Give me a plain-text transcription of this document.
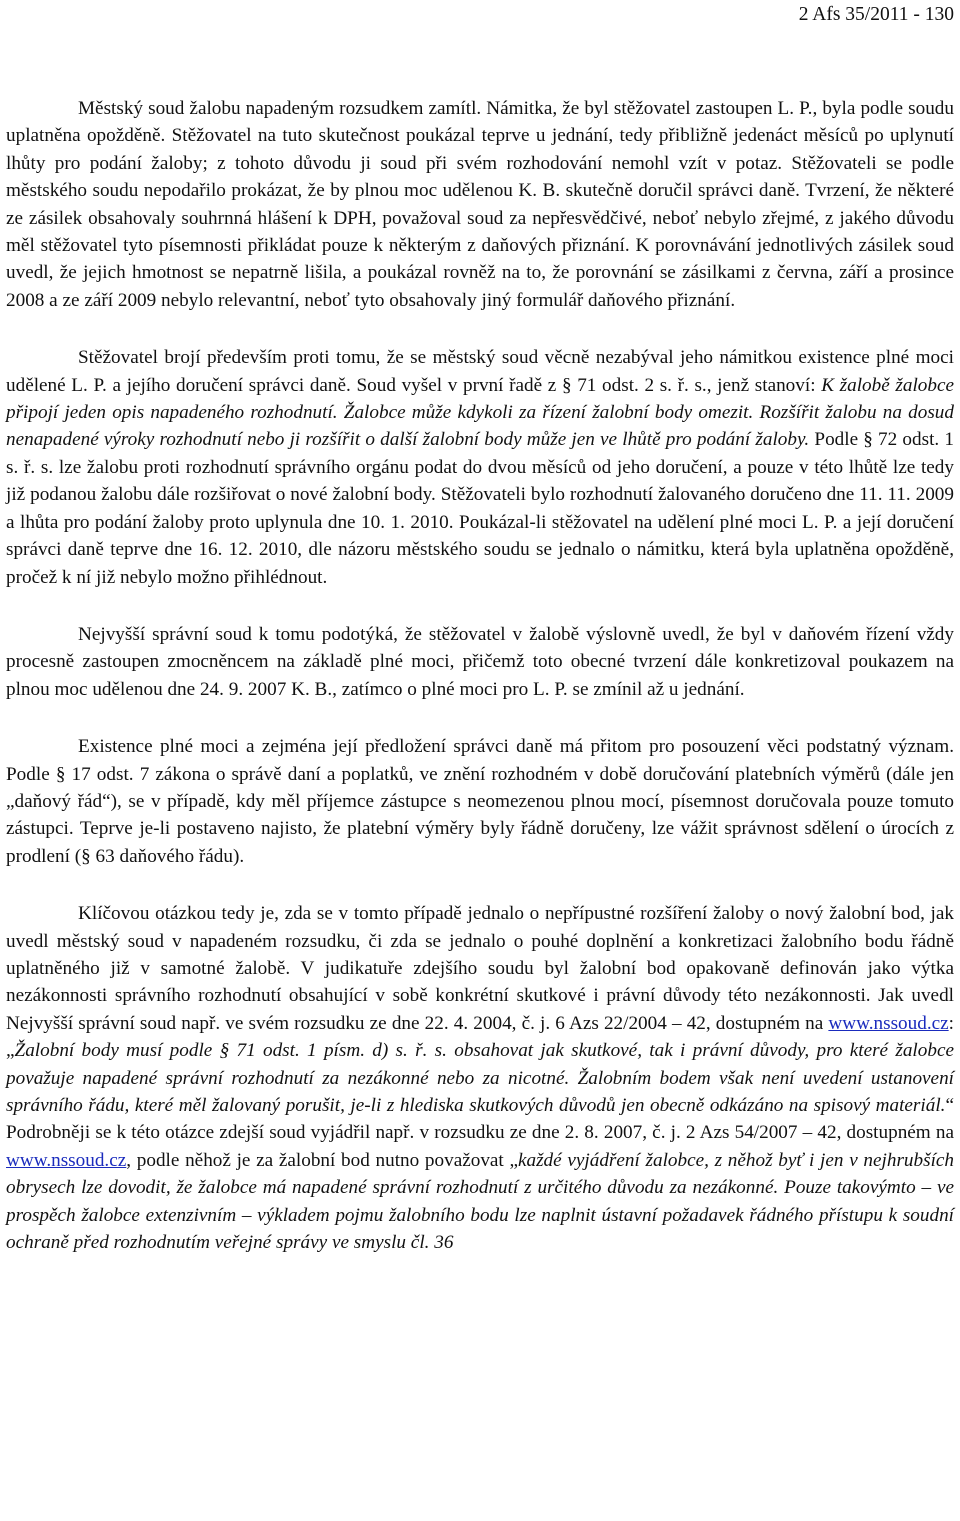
2 Afs 35/2011 - 130

Městský soud žalobu napadeným rozsudkem zamítl. Námitka, že byl stěžovatel zastoupen L. P., byla podle soudu uplatněna opožděně. Stěžovatel na tuto skutečnost poukázal teprve u jednání, tedy přibližně jedenáct měsíců po uplynutí lhůty pro podání žaloby; z tohoto důvodu ji soud při svém rozhodování nemohl vzít v potaz. Stěžovateli se podle městského soudu nepodařilo prokázat, že by plnou moc udělenou K. B. skutečně doručil správci daně. Tvrzení, že některé ze zásilek obsahovaly souhrnná hlášení k DPH, považoval soud za nepřesvědčivé, neboť nebylo zřejmé, z jakého důvodu měl stěžovatel tyto písemnosti přikládat pouze k některým z daňových přiznání. K porovnávání jednotlivých zásilek soud uvedl, že jejich hmotnost se nepatrně lišila, a poukázal rovněž na to, že porovnání se zásilkami z června, září a prosince 2008 a ze září 2009 nebylo relevantní, neboť tyto obsahovaly jiný formulář daňového přiznání.

Stěžovatel brojí především proti tomu, že se městský soud věcně nezabýval jeho námitkou existence plné moci udělené L. P. a jejího doručení správci daně. Soud vyšel v první řadě z § 71 odst. 2 s. ř. s., jenž stanoví: K žalobě žalobce připojí jeden opis napadeného rozhodnutí. Žalobce může kdykoli za řízení žalobní body omezit. Rozšířit žalobu na dosud nenapadené výroky rozhodnutí nebo ji rozšířit o další žalobní body může jen ve lhůtě pro podání žaloby. Podle § 72 odst. 1 s. ř. s. lze žalobu proti rozhodnutí správního orgánu podat do dvou měsíců od jeho doručení, a pouze v této lhůtě lze tedy již podanou žalobu dále rozšiřovat o nové žalobní body. Stěžovateli bylo rozhodnutí žalovaného doručeno dne 11. 11. 2009 a lhůta pro podání žaloby proto uplynula dne 10. 1. 2010. Poukázal-li stěžovatel na udělení plné moci L. P. a její doručení správci daně teprve dne 16. 12. 2010, dle názoru městského soudu se jednalo o námitku, která byla uplatněna opožděně, pročež k ní již nebylo možno přihlédnout.

Nejvyšší správní soud k tomu podotýká, že stěžovatel v žalobě výslovně uvedl, že byl v daňovém řízení vždy procesně zastoupen zmocněncem na základě plné moci, přičemž toto obecné tvrzení dále konkretizoval poukazem na plnou moc udělenou dne 24. 9. 2007 K. B., zatímco o plné moci pro L. P. se zmínil až u jednání.

Existence plné moci a zejména její předložení správci daně má přitom pro posouzení věci podstatný význam. Podle § 17 odst. 7 zákona o správě daní a poplatků, ve znění rozhodném v době doručování platebních výměrů (dále jen „daňový řád“), se v případě, kdy měl příjemce zástupce s neomezenou plnou mocí, písemnost doručovala pouze tomuto zástupci. Teprve je-li postaveno najisto, že platební výměry byly řádně doručeny, lze vážit správnost sdělení o úrocích z prodlení (§ 63 daňového řádu).

Klíčovou otázkou tedy je, zda se v tomto případě jednalo o nepřípustné rozšíření žaloby o nový žalobní bod, jak uvedl městský soud v napadeném rozsudku, či zda se jednalo o pouhé doplnění a konkretizaci žalobního bodu řádně uplatněného již v samotné žalobě. V judikatuře zdejšího soudu byl žalobní bod opakovaně definován jako výtka nezákonnosti správního rozhodnutí obsahující v sobě konkrétní skutkové i právní důvody této nezákonnosti. Jak uvedl Nejvyšší správní soud např. ve svém rozsudku ze dne 22. 4. 2004, č. j. 6 Azs 22/2004 – 42, dostupném na www.nssoud.cz: „Žalobní body musí podle § 71 odst. 1 písm. d) s. ř. s. obsahovat jak skutkové, tak i právní důvody, pro které žalobce považuje napadené správní rozhodnutí za nezákonné nebo za nicotné. Žalobním bodem však není uvedení ustanovení správního řádu, které měl žalovaný porušit, je-li z hlediska skutkových důvodů jen obecně odkázáno na spisový materiál.“ Podrobněji se k této otázce zdejší soud vyjádřil např. v rozsudku ze dne 2. 8. 2007, č. j. 2 Azs 54/2007 – 42, dostupném na www.nssoud.cz, podle něhož je za žalobní bod nutno považovat „každé vyjádření žalobce, z něhož byť i jen v nejhrubších obrysech lze dovodit, že žalobce má napadené správní rozhodnutí z určitého důvodu za nezákonné. Pouze takovýmto – ve prospěch žalobce extenzivním – výkladem pojmu žalobního bodu lze naplnit ústavní požadavek řádného přístupu k soudní ochraně před rozhodnutím veřejné správy ve smyslu čl. 36
